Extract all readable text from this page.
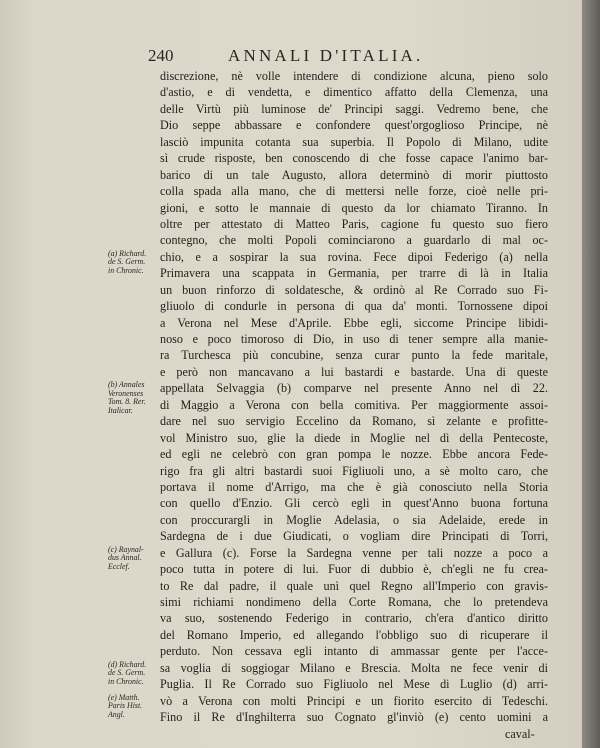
240	ANNALI D'ITALIA.
discrezione, nè volle intendere di condizione alcuna, pieno solo
d'astio, e di vendetta, e dimentico affatto della Clemenza, una
delle Virtù più luminose de' Principi saggi. Vedremo bene, che
Dio seppe abbassare e confondere quest'orgoglioso Principe, nè
lasciò impunita cotanta sua superbia. Il Popolo di Milano, udite
sì crude risposte, ben conoscendo di che fosse capace l'animo bar-
barico di un tale Augusto, allora determinò di morir piuttosto
colla spada alla mano, che di mettersi nelle forze, cioè nelle pri-
gioni, e sotto le mannaie di questo da lor chiamato Tiranno. In
oltre per attestato di Matteo Paris, cagione fu questo suo fiero
contegno, che molti Popoli cominciarono a guardarlo di mal oc-
chio, e a sospirar la sua rovina. Fece dipoi Federigo (a) nella
Primavera una scappata in Germania, per trarre di là in Italia
un buon rinforzo di soldatesche, & ordinò al Re Corrado suo Fi-
gliuolo di condurle in persona di qua da' monti. Tornossene dipoi
a Verona nel Mese d'Aprile. Ebbe egli, siccome Principe libidi-
noso e poco timoroso di Dio, in uso di tener sempre alla manie-
ra Turchesca più concubine, senza curar punto la fede maritale,
e però non mancavano a lui bastardi e bastarde. Una di queste
appellata Selvaggia (b) comparve nel presente Anno nel dì 22.
di Maggio a Verona con bella comitiva. Per maggiormente assoi-
dare nel suo servigio Eccelino da Romano, sì zelante e profitte-
vol Ministro suo, glie la diede in Moglie nel dì della Pentecoste,
ed egli ne celebrò con gran pompa le nozze. Ebbe ancora Fede-
rigo fra gli altri bastardi suoi Figliuoli uno, a sè molto caro, che
portava il nome d'Arrigo, ma che è già conosciuto nella Storia
con quello d'Enzio. Gli cercò egli in quest'Anno buona fortuna
con proccurargli in Moglie Adelasia, o sia Adelaide, erede in
Sardegna de i due Giudicati, o vogliam dire Principati di Torri,
e Gallura (c). Forse la Sardegna venne per tali nozze a poco a
poco tutta in potere di lui. Fuor di dubbio è, ch'egli ne fu crea-
to Re dal padre, il quale unì quel Regno all'Imperio con gravis-
simi richiami nondimeno della Corte Romana, che lo pretendeva
va suo, sostenendo Federigo in contrario, ch'era d'antico diritto
del Romano Imperio, ed allegando l'obbligo suo di ricuperare il
perduto. Non cessava egli intanto di ammassar gente per l'acce-
sa voglia di soggiogar Milano e Brescia. Molta ne fece venir di
Puglia. Il Re Corrado suo Figliuolo nel Mese di Luglio (d) arri-
vò a Verona con molti Principi e un fiorito esercito di Tedeschi.
Fino il Re d'Inghilterra suo Cognato gl'inviò (e) cento uomini a
caval-
(a) Richard.
de S. Germ.
in Chronic.
(b) Annales
Veronenses
Tom. 8. Rer.
Italicar.
(c) Raynal-
dus Annal.
Ecclef.
(d) Richard.
de S. Germ.
in Chronic.
(e) Matth.
Paris Hist.
Angl.
